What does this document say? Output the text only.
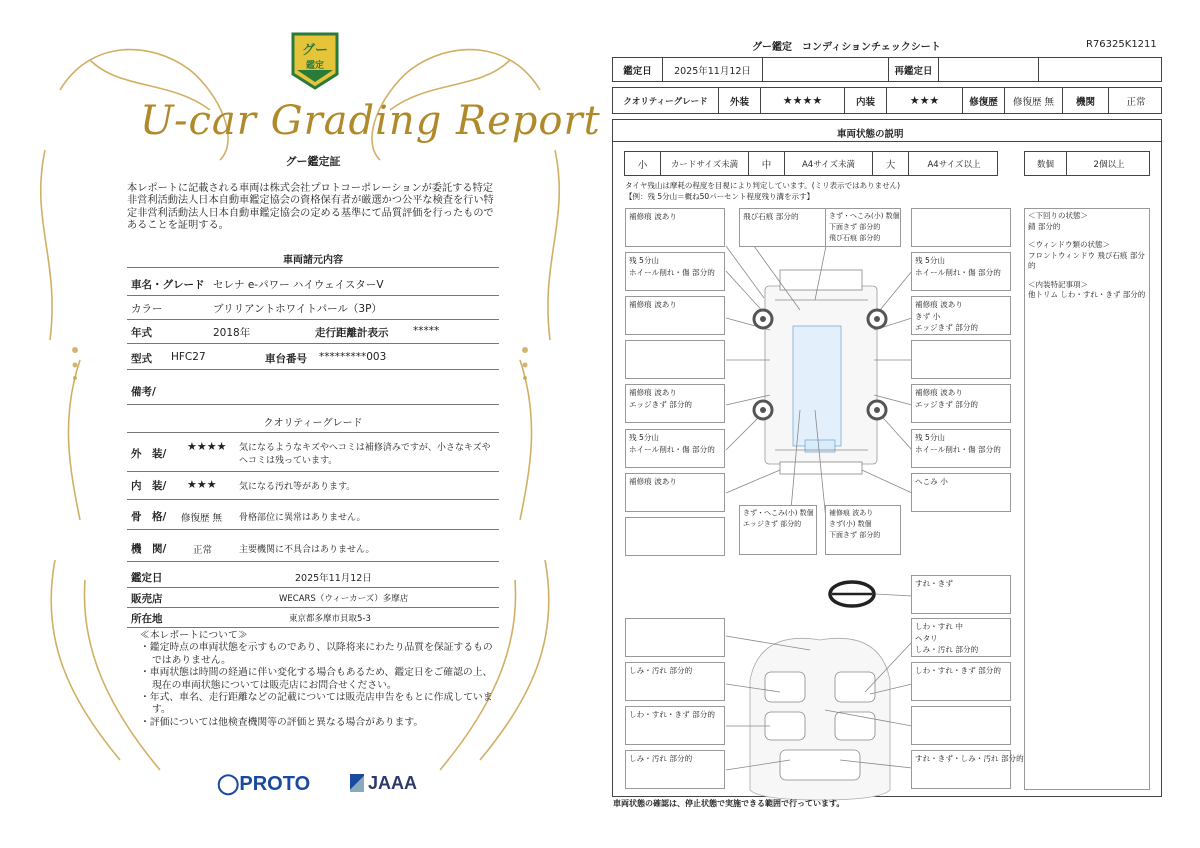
グー
鑑定
U-car Grading Report
グー鑑定証
本レポートに記載される車両は株式会社プロトコーポレーションが委託する特定非営利活動法人日本自動車鑑定協会の資格保有者が厳選かつ公平な検査を行い特定非営利活動法人日本自動車鑑定協会の定める基準にて品質評価を行ったものであることを証明する。
車両諸元内容
車名・グレード セレナ e-パワー ハイウェイスターV
カラー	ブリリアントホワイトパール（3P）
年式	2018年	走行距離計表示 *****
型式 HFC27	車台番号 *********003
備考/
クオリティーグレード
外　装/
★★★★ 気になるようなキズやヘコミは補修済みですが、小さなキズや
ヘコミは残っています。
内　装/ ★★★ 気になる汚れ等があります。
骨　格/ 修復歴 無 骨格部位に異常はありません。
機　関/	正常	主要機関に不具合はありません。
鑑定日	2025年11月12日
販売店	WECARS（ウィーカーズ）多摩店
所在地	東京都多摩市貝取5-3
≪本レポートについて≫
・鑑定時点の車両状態を示すものであり、以降将来にわたり品質を保証するものではありません。
・車両状態は時間の経過に伴い変化する場合もあるため、鑑定日をご確認の上、現在の車両状態については販売店にお問合せください。
・年式、車名、走行距離などの記載については販売店申告をもとに作成しています。
・評価については他検査機関等の評価と異なる場合があります。
◯PROTO	JAAA
グー鑑定　コンディションチェックシート	R76325K1211
鑑定日	2025年11月12日	再鑑定日
クオリティーグレード	外装	★★★★	内装	★★★	修復歴	修復歴 無	機関	正常
車両状態の説明
小	カードサイズ未満	中	A4サイズ未満	大	A4サイズ以上	数個	2個以上
タイヤ残山は摩耗の程度を目視により判定しています。(ミリ表示ではありません)
【例：残 5分山＝概ね50パーセント程度残り溝を示す】
補修痕 波あり	飛び石痕 部分的	きず・へこみ(小) 数個
下面きず 部分的
飛び石痕 部分的
残 5分山
ホイール削れ・傷 部分的
残 5分山
ホイール削れ・傷 部分的
補修痕 波あり	補修痕 波あり
きず 小
エッジきず 部分的
補修痕 波あり
エッジきず 部分的
補修痕 波あり
エッジきず 部分的
残 5分山
ホイール削れ・傷 部分的
残 5分山
ホイール削れ・傷 部分的
補修痕 波あり	へこみ 小
きず・へこみ(小) 数個
エッジきず 部分的
補修痕 波あり
きず(小) 数個
下面きず 部分的
すれ・きず
しわ・すれ 中
ヘタリ
しみ・汚れ 部分的
しみ・汚れ 部分的	しわ・すれ・きず 部分的
しわ・すれ・きず 部分的
しみ・汚れ 部分的	すれ・きず・しみ・汚れ 部分的
＜下回りの状態＞
錆 部分的
＜ウィンドウ類の状態＞
フロントウィンドウ 飛び石痕 部分的
＜内装特記事項＞
他トリム しわ・すれ・きず 部分的
車両状態の確認は、停止状態で実施できる範囲で行っています。
